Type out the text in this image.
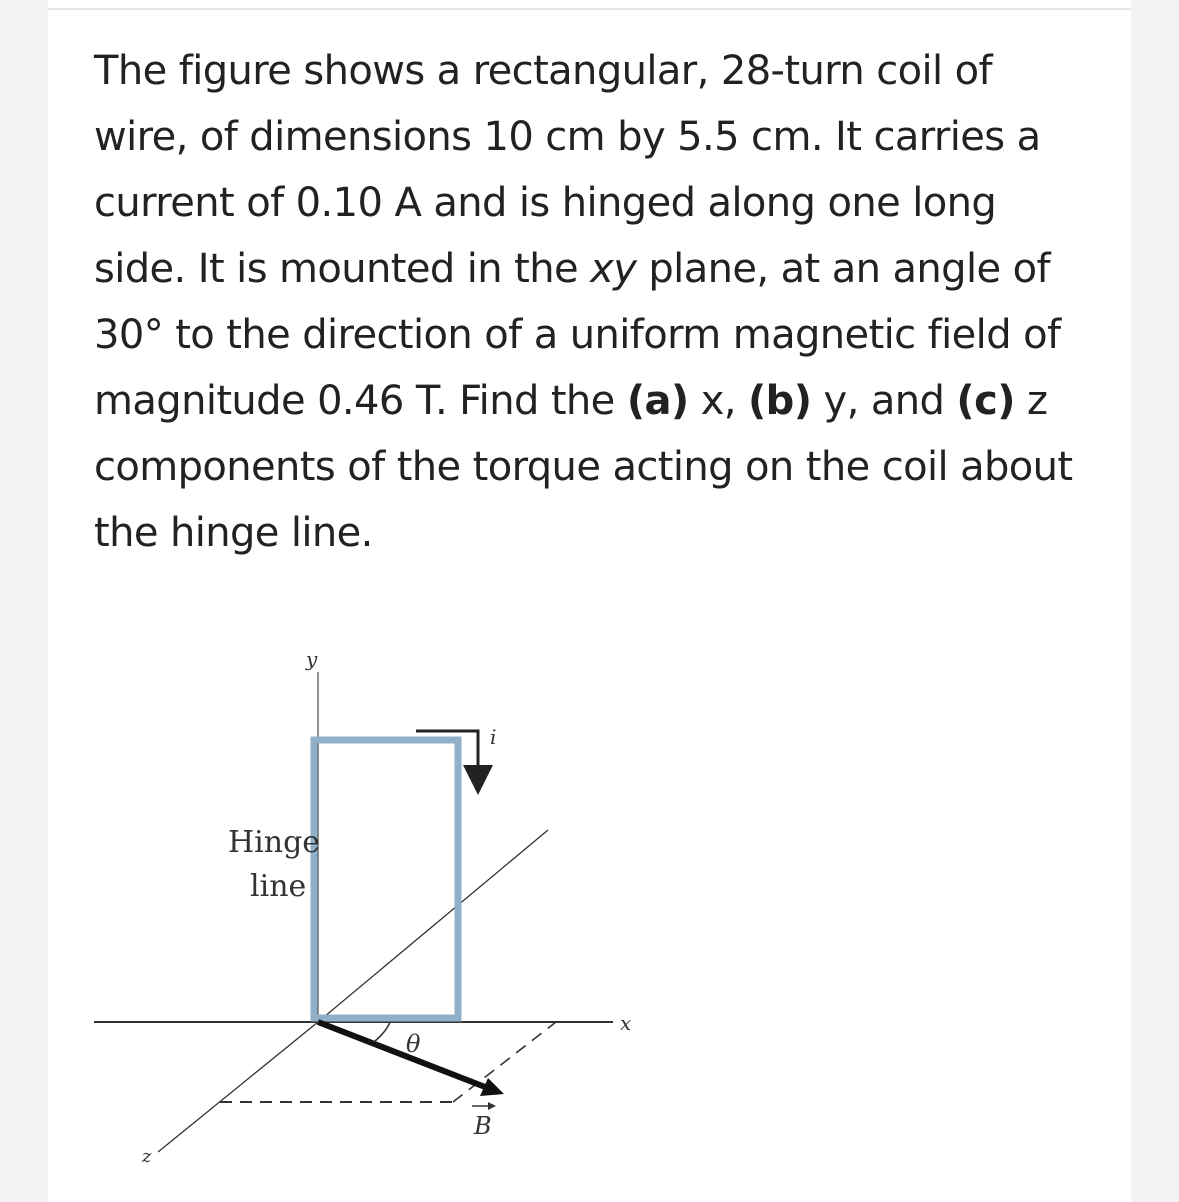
The figure shows a rectangular, 28-turn coil of wire, of dimensions 10 cm by 5.5 cm. It carries a current of 0.10 A and is hinged along one long side. It is mounted in the xy plane, at an angle of 30° to the direction of a uniform magnetic field of magnitude 0.46 T. Find the (a) x, (b) y, and (c) z components of the torque acting on the coil about the hinge line.

y
x
z
i
Hinge
line
θ
B
